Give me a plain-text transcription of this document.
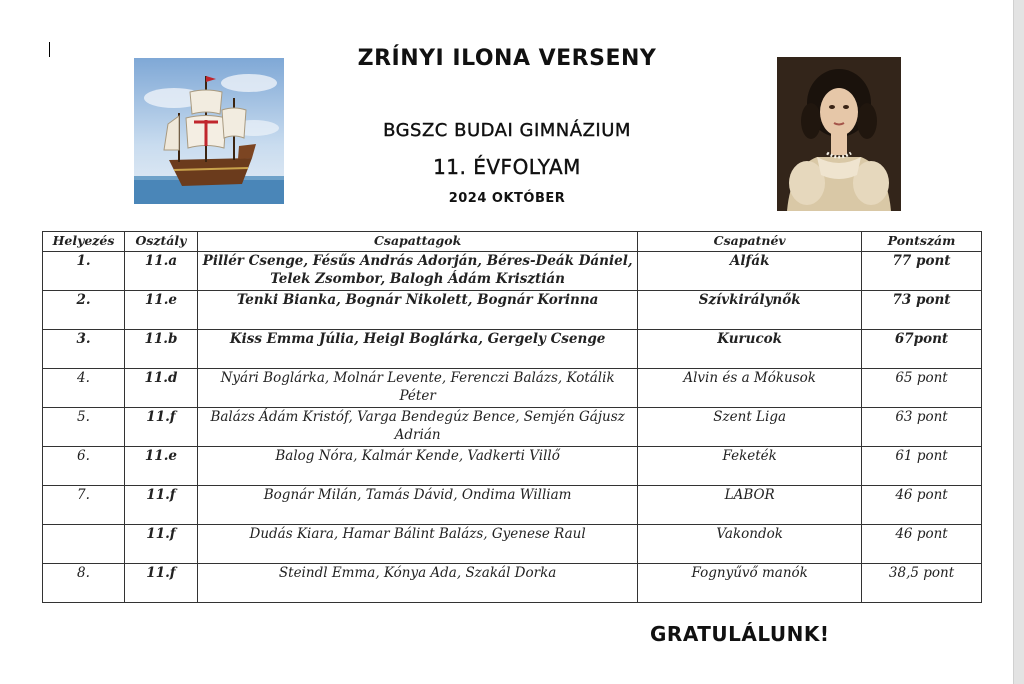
ZRÍNYI ILONA VERSENY
BGSZC BUDAI GIMNÁZIUM
11. ÉVFOLYAM
2024 OKTÓBER
Helyezés	Osztály	Csapattagok	Csapatnév	Pontszám
1.	11.a	Pillér Csenge, Fésűs András Adorján, Béres-Deák Dániel, Telek Zsombor, Balogh Ádám Krisztián	Alfák	77 pont
2.	11.e	Tenki Bianka, Bognár Nikolett, Bognár Korinna	Szívkirálynők	73 pont
3.	11.b	Kiss Emma Júlia, Heigl Boglárka, Gergely Csenge	Kurucok	67pont
4.	11.d	Nyári Boglárka, Molnár Levente, Ferenczi Balázs, Kotálik Péter	Alvin és a Mókusok	65 pont
5.	11.f	Balázs Ádám Kristóf, Varga Bendegúz Bence, Semjén Gájusz Adrián	Szent Liga	63 pont
6.	11.e	Balog Nóra, Kalmár Kende, Vadkerti Villő	Feketék	61 pont
7.	11.f	Bognár Milán, Tamás Dávid, Ondima William	LABOR	46 pont
	11.f	Dudás Kiara, Hamar Bálint Balázs, Gyenese Raul	Vakondok	46 pont
8.	11.f	Steindl Emma, Kónya Ada, Szakál Dorka	Fognyűvő manók	38,5 pont
GRATULÁLUNK!
